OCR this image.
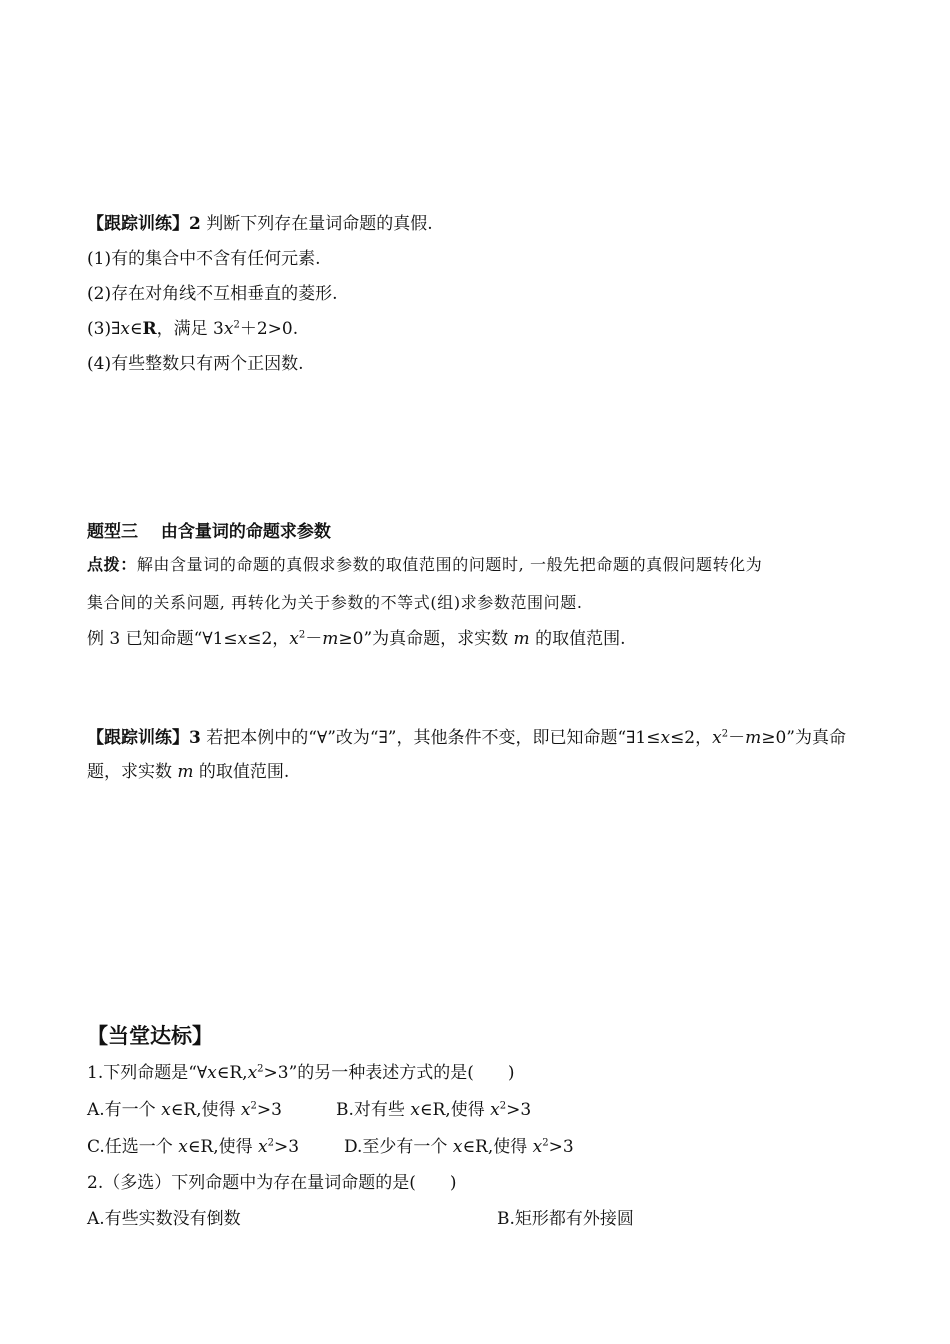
【跟踪训练】2 判断下列存在量词命题的真假.
(1)有的集合中不含有任何元素.
(2)存在对角线不互相垂直的菱形.
(3)∃x∈R，满足 $3x^2+2>0$.
(4)有些整数只有两个正因数.
题型三　 由含量词的命题求参数
点拨：解由含量词的命题的真假求参数的取值范围的问题时, 一般先把命题的真假问题转化为
集合间的关系问题, 再转化为关于参数的不等式(组)求参数范围问题.
例 3 已知命题“∀1≤x≤2，$x^2-m\ge 0$”为真命题，求实数 m 的取值范围.
【跟踪训练】3 若把本例中的“∀”改为“∃”，其他条件不变，即已知命题“∃1≤x≤2，$x^2-m\ge 0$”为真命题，求实数 m 的取值范围.
【当堂达标】
1.下列命题是“$\forall x\in R,x^2>3$”的另一种表述方式的是(　　)
A.有一个 x∈R,使得 $x^2>3$	B.对有些 x∈R,使得 $x^2>3$
C.任选一个 x∈R,使得 $x^2>3$	D.至少有一个 x∈R,使得 $x^2>3$
2.（多选）下列命题中为存在量词命题的是(　　)
A.有些实数没有倒数	B.矩形都有外接圆
